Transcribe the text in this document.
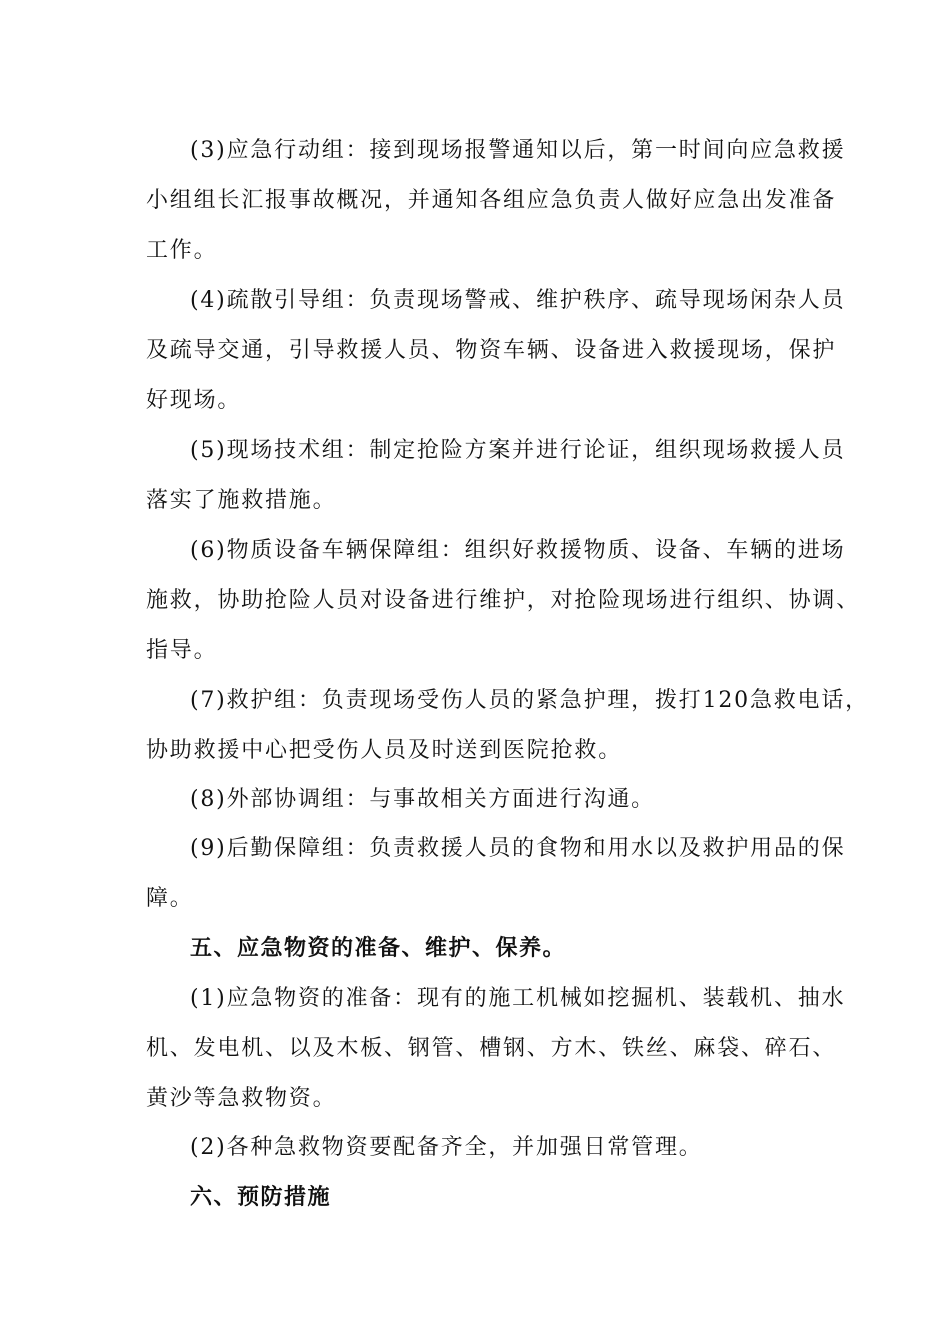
(3)应急行动组：接到现场报警通知以后，第一时间向应急救援
小组组长汇报事故概况，并通知各组应急负责人做好应急出发准备
工作。
(4)疏散引导组：负责现场警戒、维护秩序、疏导现场闲杂人员
及疏导交通，引导救援人员、物资车辆、设备进入救援现场，保护
好现场。
(5)现场技术组：制定抢险方案并进行论证，组织现场救援人员
落实了施救措施。
(6)物质设备车辆保障组：组织好救援物质、设备、车辆的进场
施救，协助抢险人员对设备进行维护，对抢险现场进行组织、协调、
指导。
(7)救护组：负责现场受伤人员的紧急护理，拨打120急救电话，
协助救援中心把受伤人员及时送到医院抢救。
(8)外部协调组：与事故相关方面进行沟通。
(9)后勤保障组：负责救援人员的食物和用水以及救护用品的保
障。
五、应急物资的准备、维护、保养。
(1)应急物资的准备：现有的施工机械如挖掘机、装载机、抽水
机、发电机、以及木板、钢管、槽钢、方木、铁丝、麻袋、碎石、
黄沙等急救物资。
(2)各种急救物资要配备齐全，并加强日常管理。
六、预防措施
